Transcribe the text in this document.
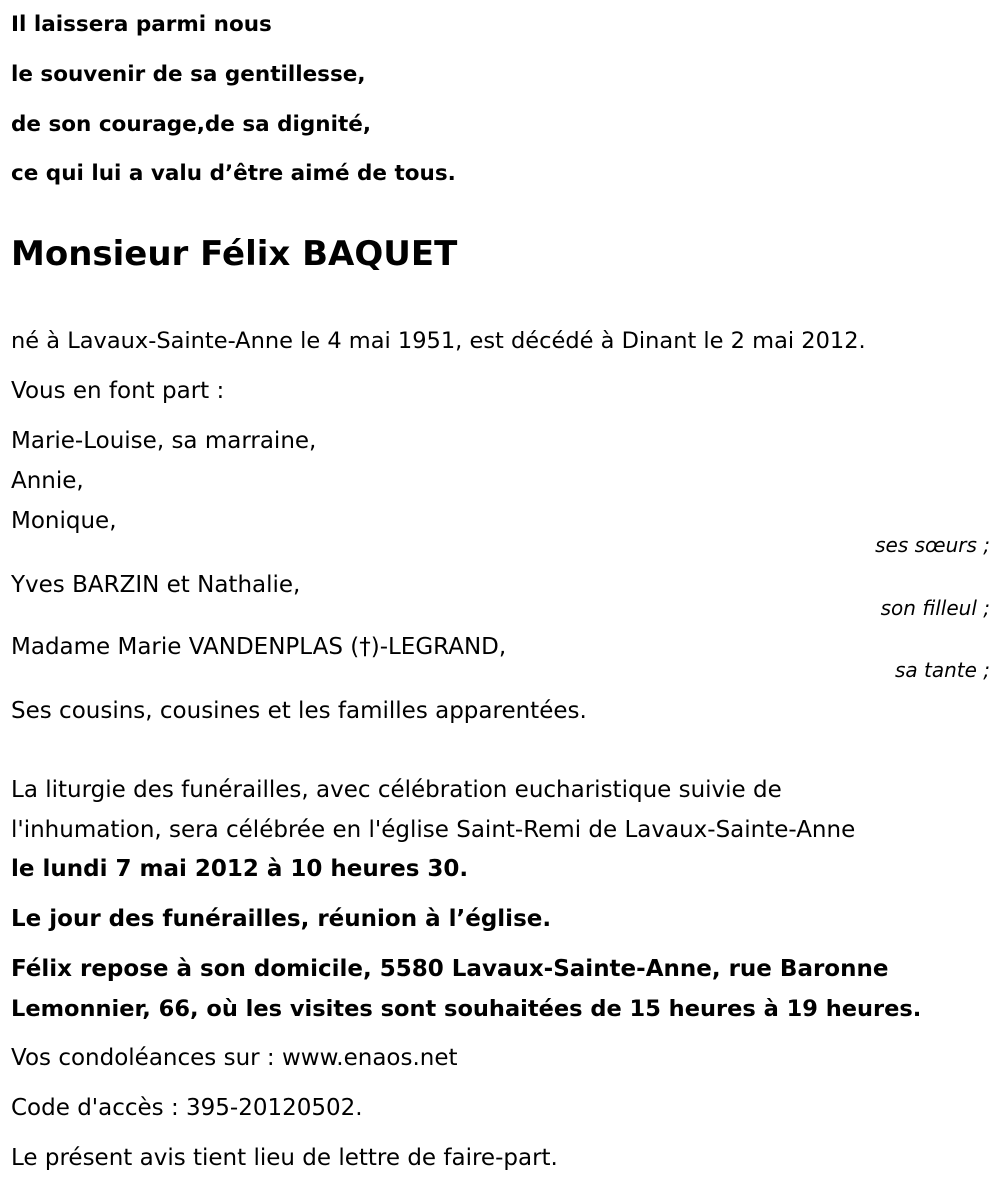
Il laissera parmi nous
le souvenir de sa gentillesse,
de son courage,de sa dignité,
ce qui lui a valu d’être aimé de tous.
Monsieur Félix BAQUET
né à Lavaux-Sainte-Anne le 4 mai 1951, est décédé à Dinant le 2 mai 2012.
Vous en font part :
Marie-Louise, sa marraine,
Annie,
Monique,
ses sœurs ;
Yves BARZIN et Nathalie,
son filleul ;
Madame Marie VANDENPLAS (†)-LEGRAND,
sa tante ;
Ses cousins, cousines et les familles apparentées.
La liturgie des funérailles, avec célébration eucharistique suivie de
l'inhumation, sera célébrée en l'église Saint-Remi de Lavaux-Sainte-Anne
le lundi 7 mai 2012 à 10 heures 30.
Le jour des funérailles, réunion à l’église.
Félix repose à son domicile, 5580 Lavaux-Sainte-Anne, rue Baronne
Lemonnier, 66, où les visites sont souhaitées de 15 heures à 19 heures.
Vos condoléances sur : www.enaos.net
Code d'accès : 395-20120502.
Le présent avis tient lieu de lettre de faire-part.
